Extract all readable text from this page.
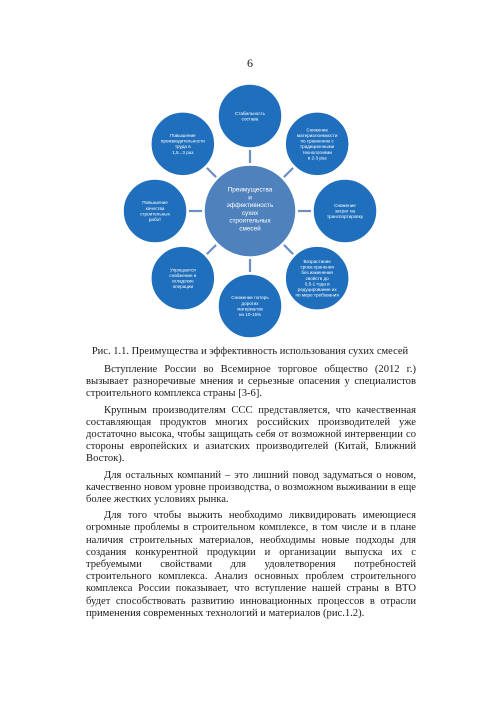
6
Преимущества и эффективность сухих строительных смесей
Стабильность состава
Снижение материалоемкости по сравнению с традиционными технологиями в 2-3 раз
Снижение затрат на транспортировку
Возрастание срока хранения без изменения свойств до 0,5-1 года и редуцирование их по мере требования
Снижение потерь дорогих материалов на 10-15%
Упрощается снабжение и складские операции
Повышение качества строительных работ
Повышение производительности труда в 1,5...3 раз
Рис. 1.1. Преимущества и эффективность использования сухих смесей

Вступление России во Всемирное торговое общество (2012 г.) вызывает разноречивые мнения и серьезные опасения у специалистов строительного комплекса страны [3-6].

Крупным производителям ССС представляется, что качественная составляющая продуктов многих российских производителей уже достаточно высока, чтобы защищать себя от возможной интервенции со стороны европейских и азиатских производителей (Китай, Ближний Восток).

Для остальных компаний – это лишний повод задуматься о новом, качественно новом уровне производства, о возможном выживании в еще более жестких условиях рынка.

Для того чтобы выжить необходимо ликвидировать имеющиеся огромные проблемы в строительном комплексе, в том числе и в плане наличия строительных материалов, необходимы новые подходы для создания конкурентной продукции и организации выпуска их с требуемыми свойствами для удовлетворения потребностей строительного комплекса. Анализ основных проблем строительного комплекса России показывает, что вступление нашей страны в ВТО будет способствовать развитию инновационных процессов в отрасли применения современных технологий и материалов (рис.1.2).
